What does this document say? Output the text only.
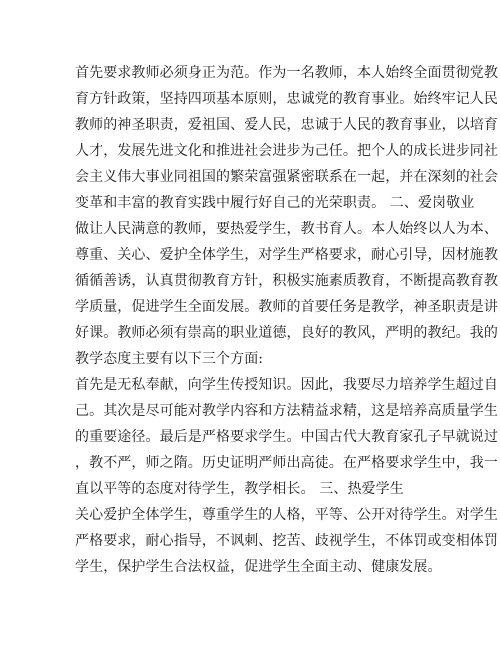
首先要求教师必须身正为范。作为一名教师，本人始终全面贯彻党教
育方针政策，坚持四项基本原则，忠诚党的教育事业。始终牢记人民
教师的神圣职责，爱祖国、爱人民，忠诚于人民的教育事业，以培育
人才，发展先进文化和推进社会进步为己任。把个人的成长进步同社
会主义伟大事业同祖国的繁荣富强紧密联系在一起，并在深刻的社会
变革和丰富的教育实践中履行好自己的光荣职责。 二、爱岗敬业
做让人民满意的教师，要热爱学生，教书育人。本人始终以人为本、
尊重、关心、爱护全体学生，对学生严格要求，耐心引导，因材施教
循循善诱，认真贯彻教育方针，积极实施素质教育，不断提高教育教
学质量，促进学生全面发展。教师的首要任务是教学，神圣职责是讲
好课。教师必须有崇高的职业道德，良好的教风，严明的教纪。我的
教学态度主要有以下三个方面:
首先是无私奉献，向学生传授知识。因此，我要尽力培养学生超过自
己。其次是尽可能对教学内容和方法精益求精，这是培养高质量学生
的重要途径。最后是严格要求学生。中国古代大教育家孔子早就说过
，教不严，师之隋。历史证明严师出高徒。在严格要求学生中，我一
直以平等的态度对待学生，教学相长。 三、热爱学生
关心爱护全体学生，尊重学生的人格，平等、公开对待学生。对学生
严格要求，耐心指导，不讽刺、挖苦、歧视学生，不体罚或变相体罚
学生，保护学生合法权益，促进学生全面主动、健康发展。
